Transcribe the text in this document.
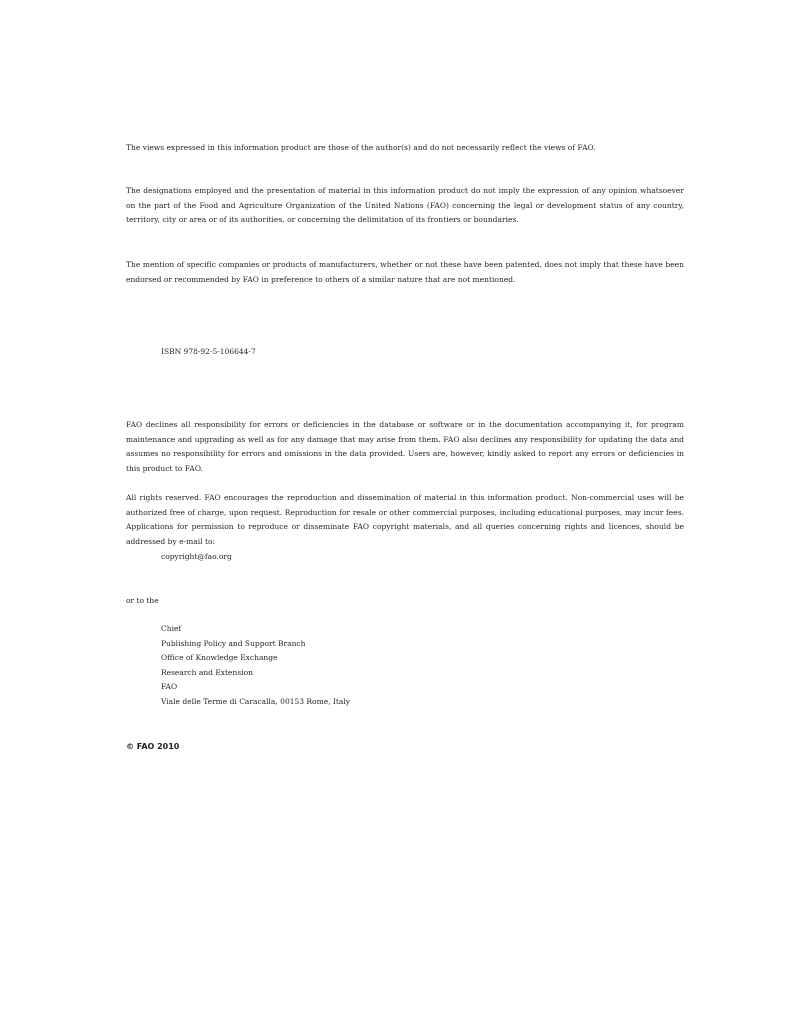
The views expressed in this information product are those of the author(s) and do not necessarily reflect the views of FAO.

The designations employed and the presentation of material in this information product do not imply the expression of any opinion whatsoever on the part of the Food and Agriculture Organization of the United Nations (FAO) concerning the legal or development status of any country, territory, city or area or of its authorities, or concerning the delimitation of its frontiers or boundaries.

The mention of specific companies or products of manufacturers, whether or not these have been patented, does not imply that these have been endorsed or recommended by FAO in preference to others of a similar nature that are not mentioned.

ISBN 978-92-5-106644-7

FAO declines all responsibility for errors or deficiencies in the database or software or in the documentation accompanying it, for program maintenance and upgrading as well as for any damage that may arise from them. FAO also declines any responsibility for updating the data and assumes no responsibility for errors and omissions in the data provided. Users are, however, kindly asked to report any errors or deficiencies in this product to FAO.

All rights reserved. FAO encourages the reproduction and dissemination of material in this information product. Non-commercial uses will be authorized free of charge, upon request. Reproduction for resale or other commercial purposes, including educational purposes, may incur fees. Applications for permission to reproduce or disseminate FAO copyright materials, and all queries concerning rights and licences, should be addressed by e-mail to:

copyright@fao.org

or to the

Chief
Publishing Policy and Support Branch
Office of Knowledge Exchange
Research and Extension
FAO
Viale delle Terme di Caracalla, 00153 Rome, Italy

© FAO 2010
